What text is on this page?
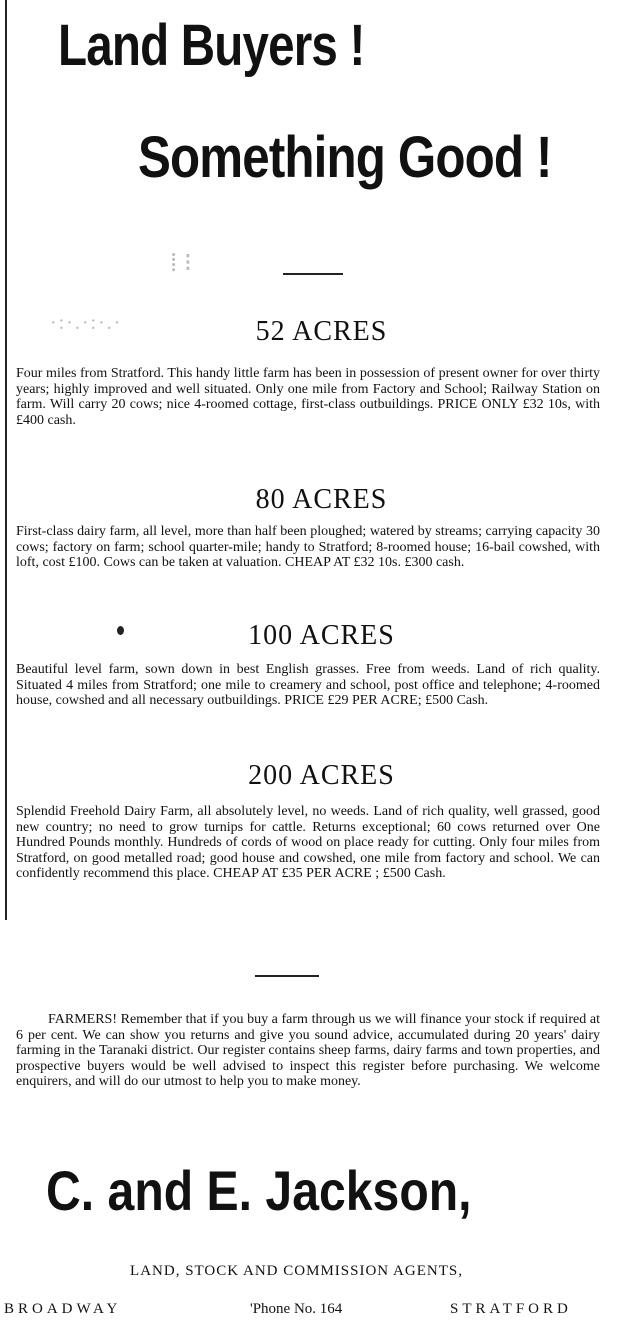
Land Buyers !
Something Good !
⁞ ⁝
·:·.·:·.·	52 ACRES

Four miles from Stratford. This handy little farm has been in possession of present owner for over thirty years; highly improved and well situated. Only one mile from Factory and School; Railway Station on farm. Will carry 20 cows; nice 4-roomed cottage, first-class outbuildings. PRICE ONLY £32 10s, with £400 cash.

80 ACRES

First-class dairy farm, all level, more than half been ploughed; watered by streams; carrying capacity 30 cows; factory on farm; school quarter-mile; handy to Stratford; 8-roomed house; 16-bail cowshed, with loft, cost £100. Cows can be taken at valuation. CHEAP AT £32 10s. £300 cash.

100 ACRES

Beautiful level farm, sown down in best English grasses. Free from weeds. Land of rich quality. Situated 4 miles from Stratford; one mile to creamery and school, post office and telephone; 4-roomed house, cowshed and all necessary outbuildings. PRICE £29 PER ACRE; £500 Cash.

200 ACRES

Splendid Freehold Dairy Farm, all absolutely level, no weeds. Land of rich quality, well grassed, good new country; no need to grow turnips for cattle. Returns exceptional; 60 cows returned over One Hundred Pounds monthly. Hundreds of cords of wood on place ready for cutting. Only four miles from Stratford, on good metalled road; good house and cowshed, one mile from factory and school. We can confidently recommend this place. CHEAP AT £35 PER ACRE ; £500 Cash.

FARMERS! Remember that if you buy a farm through us we will finance your stock if required at 6 per cent. We can show you returns and give you sound advice, accumulated during 20 years' dairy farming in the Taranaki district. Our register contains sheep farms, dairy farms and town properties, and prospective buyers would be well advised to inspect this register before purchasing. We welcome enquirers, and will do our utmost to help you to make money.

C. and E. Jackson,
LAND, STOCK AND COMMISSION AGENTS,
BROADWAY	'Phone No. 164	STRATFORD
